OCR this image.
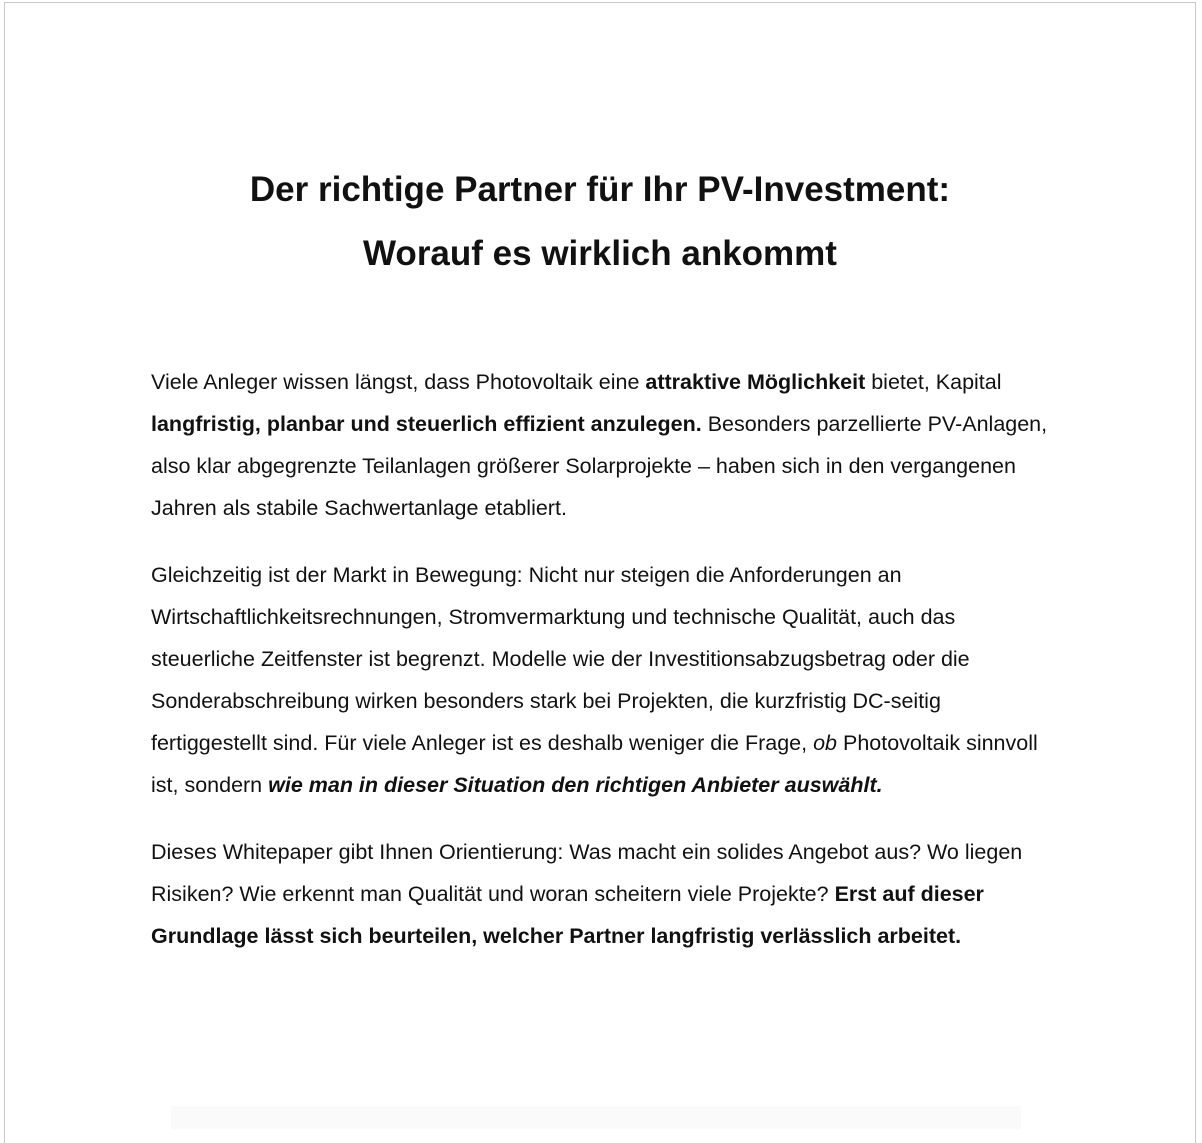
Der richtige Partner für Ihr PV-Investment:
Worauf es wirklich ankommt

Viele Anleger wissen längst, dass Photovoltaik eine attraktive Möglichkeit bietet, Kapital langfristig, planbar und steuerlich effizient anzulegen. Besonders parzellierte PV-Anlagen, also klar abgegrenzte Teilanlagen größerer Solarprojekte – haben sich in den vergangenen Jahren als stabile Sachwertanlage etabliert.

Gleichzeitig ist der Markt in Bewegung: Nicht nur steigen die Anforderungen an Wirtschaftlichkeitsrechnungen, Stromvermarktung und technische Qualität, auch das steuerliche Zeitfenster ist begrenzt. Modelle wie der Investitionsabzugsbetrag oder die Sonderabschreibung wirken besonders stark bei Projekten, die kurzfristig DC-seitig fertiggestellt sind. Für viele Anleger ist es deshalb weniger die Frage, ob Photovoltaik sinnvoll ist, sondern wie man in dieser Situation den richtigen Anbieter auswählt.

Dieses Whitepaper gibt Ihnen Orientierung: Was macht ein solides Angebot aus? Wo liegen Risiken? Wie erkennt man Qualität und woran scheitern viele Projekte? Erst auf dieser Grundlage lässt sich beurteilen, welcher Partner langfristig verlässlich arbeitet.
